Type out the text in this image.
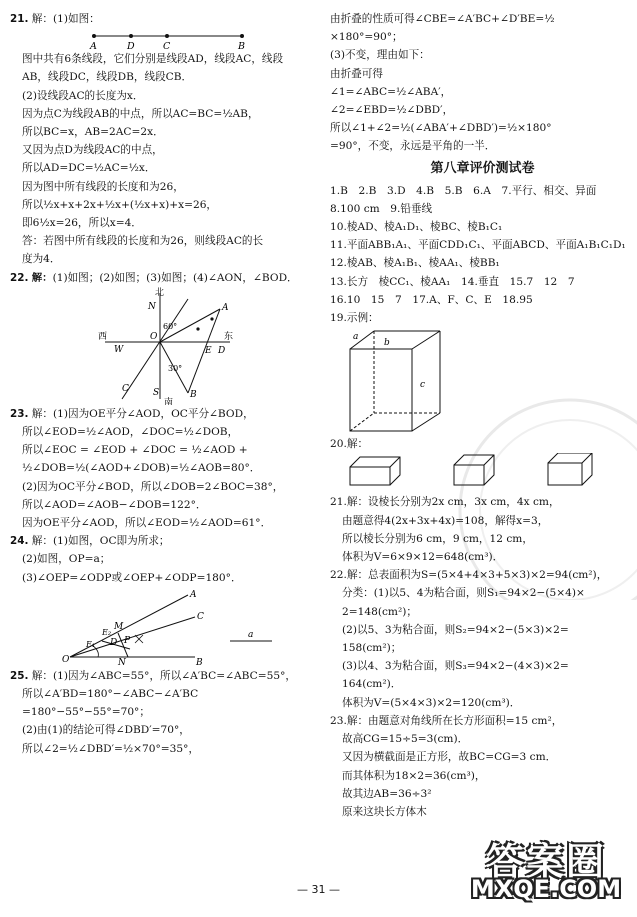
21. 解：(1)如图：
A	D	C	B
图中共有6条线段，它们分别是线段AD，线段AC，线段
AB，线段DC，线段DB，线段CB．
(2)设线段AC的长度为x．
因为点C为线段AB的中点，所以AC=BC=½AB，
所以BC=x，AB=2AC=2x．
又因为点D为线段AC的中点，
所以AD=DC=½AC=½x．
因为图中所有线段的长度和为26，
所以½x+x+2x+½x+(½x+x)+x=26，
即6½x=26，所以x=4．
答：若图中所有线段的长度和为26，则线段AC的长
度为4．
22. 解：(1)如图；(2)如图；(3)如图；(4)∠AON，∠BOD．
北
N
S
南
西
W
东
E
O
A
B
C
D
60°
30°
23. 解：(1)因为OE平分∠AOD，OC平分∠BOD，
所以∠EOD=½∠AOD，∠DOC=½∠DOB，
所以∠EOC = ∠EOD + ∠DOC = ½∠AOD +
½∠DOB=½(∠AOD+∠DOB)=½∠AOB=80°．
(2)因为OC平分∠BOD，所以∠DOB=2∠BOC=38°，
所以∠AOD=∠AOB−∠DOB=122°．
因为OE平分∠AOD，所以∠EOD=½∠AOD=61°．
24. 解：(1)如图，OC即为所求；
(2)如图，OP=a；
(3)∠OEP=∠ODP或∠OEP+∠ODP=180°．
O
A
B
C
M
N
P
D
E₁
E₂	a
25. 解：(1)因为∠ABC=55°，所以∠A′BC=∠ABC=55°，
所以∠A′BD=180°−∠ABC−∠A′BC
=180°−55°−55°=70°；
(2)由(1)的结论可得∠DBD′=70°，
所以∠2=½∠DBD′=½×70°=35°，
由折叠的性质可得∠CBE=∠A′BC+∠D′BE=½
×180°=90°；
(3)不变，理由如下：
由折叠可得
∠1=∠ABC=½∠ABA′，
∠2=∠EBD=½∠DBD′，
所以∠1+∠2=½(∠ABA′+∠DBD′)=½×180°
=90°，不变，永远是平角的一半．
第八章评价测试卷
1.B　2.B　3.D　4.B　5.B　6.A　7.平行、相交、异面
8.100 cm　9.铅垂线
10.棱AD、棱A₁D₁、棱BC、棱B₁C₁
11.平面ABB₁A₁、平面CDD₁C₁、平面ABCD、平面A₁B₁C₁D₁
12.棱AB、棱A₁B₁、棱AA₁、棱BB₁
13.长方　棱CC₁、棱AA₁　14.垂直　15.7　12　7
16.10　15　7　17.A、F、C、E　18.95
19.示例：
a
b
c
20.解：
21.解：设棱长分别为2x cm，3x cm，4x cm，
由题意得4(2x+3x+4x)=108，解得x=3，
所以棱长分别为6 cm，9 cm，12 cm，
体积为V=6×9×12=648(cm³)．
22.解：总表面积为S=(5×4+4×3+5×3)×2=94(cm²)，
分类：(1)以5、4为粘合面，则S₁=94×2−(5×4)×
2=148(cm²)；
(2)以5、3为粘合面，则S₂=94×2−(5×3)×2=
158(cm²)；
(3)以4、3为粘合面，则S₃=94×2−(4×3)×2=
164(cm²)．
体积为V=(5×4×3)×2=120(cm³)．
23.解：由题意对角线所在长方形面积=15 cm²，
故高CG=15÷5=3(cm)．
又因为横截面是正方形，故BC=CG=3 cm．
而其体积为18×2=36(cm³)，
故其边AB=36÷3²
原来这块长方体木
— 31 —
答案圈
MXQE.COM
